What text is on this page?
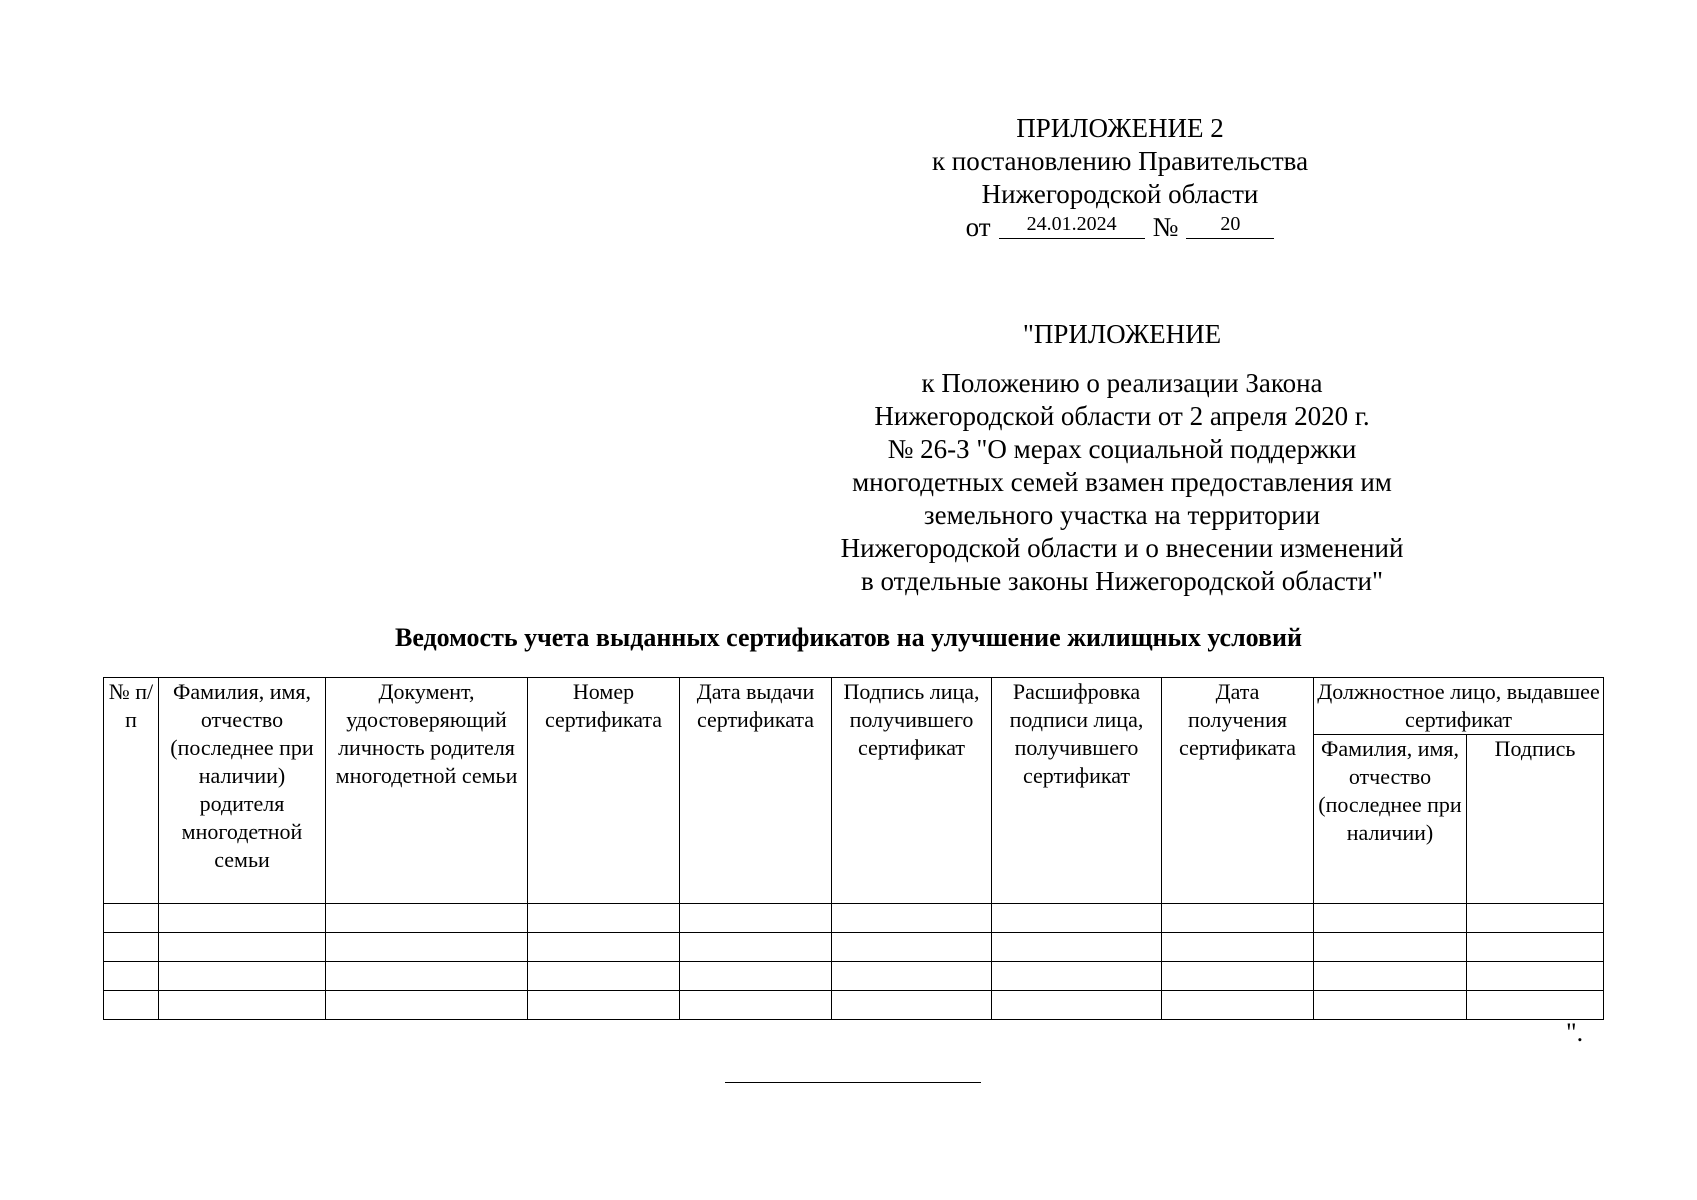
ПРИЛОЖЕНИЕ 2
к постановлению Правительства
Нижегородской области
от	24.01.2024	№	20
"ПРИЛОЖЕНИЕ
к Положению о реализации Закона
Нижегородской области от 2 апреля 2020 г.
№ 26-З "О мерах социальной поддержки
многодетных семей взамен предоставления им
земельного участка на территории
Нижегородской области и о внесении изменений
в отдельные законы Нижегородской области"
Ведомость учета выданных сертификатов на улучшение жилищных условий
№ п/п	Фамилия, имя, отчество (последнее при наличии) родителя многодетной семьи	Документ, удостоверяющий личность родителя многодетной семьи	Номер сертификата	Дата выдачи сертификата	Подпись лица, получившего сертификат	Расшифровка подписи лица, получившего сертификат	Дата получения сертификата	Должностное лицо, выдавшее сертификат	
								Фамилия, имя, отчество (последнее при наличии)	Подпись

".
